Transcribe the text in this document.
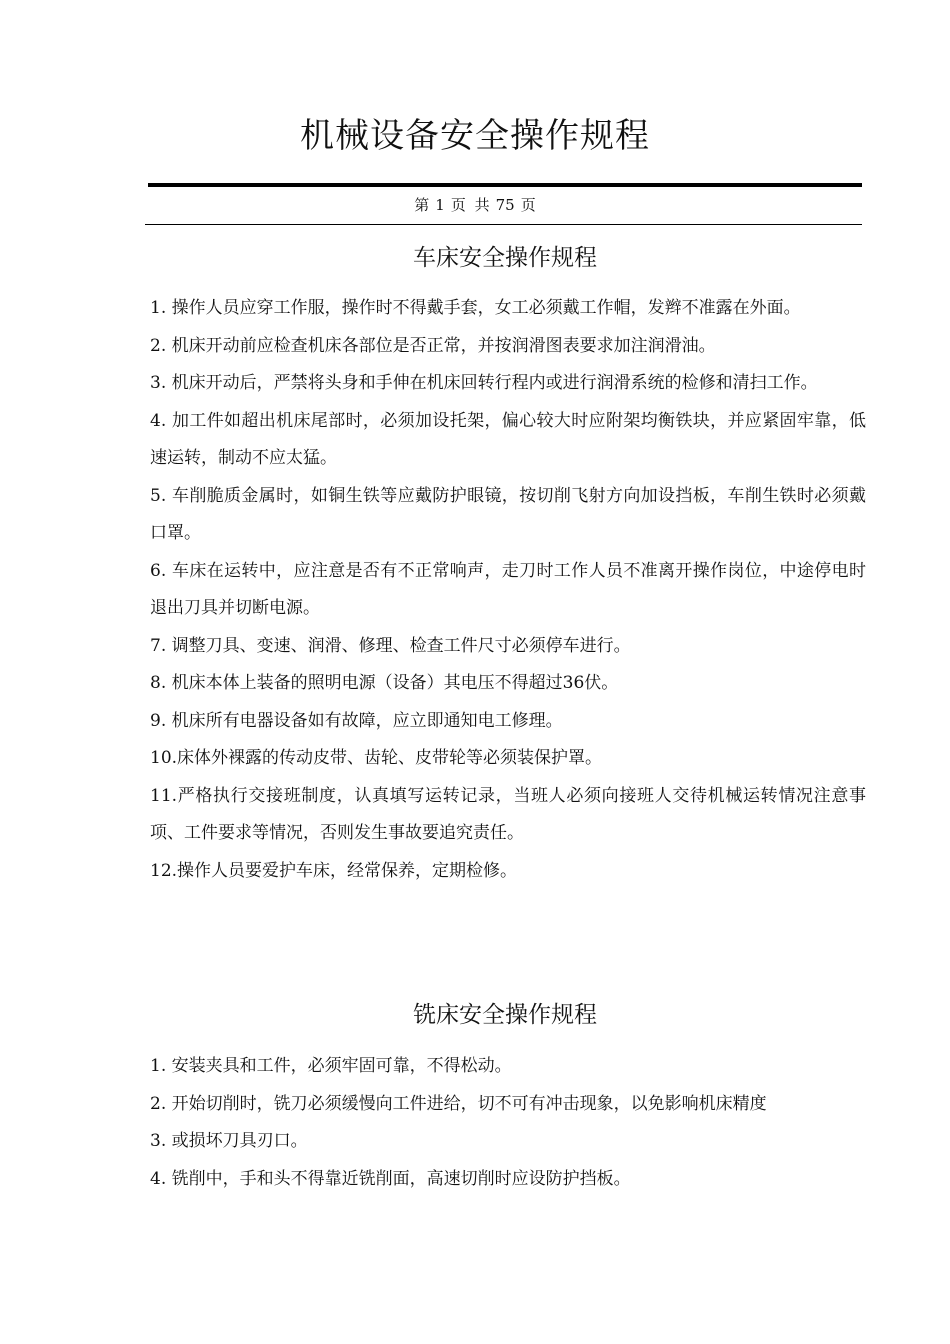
机械设备安全操作规程
第 1 页 共 75 页
车床安全操作规程
1. 操作人员应穿工作服，操作时不得戴手套，女工必须戴工作帽，发辫不准露在外面。
2. 机床开动前应检查机床各部位是否正常，并按润滑图表要求加注润滑油。
3. 机床开动后，严禁将头身和手伸在机床回转行程内或进行润滑系统的检修和清扫工作。
4. 加工件如超出机床尾部时，必须加设托架，偏心较大时应附架均衡铁块，并应紧固牢靠，低速运转，制动不应太猛。
5. 车削脆质金属时，如铜生铁等应戴防护眼镜，按切削飞射方向加设挡板，车削生铁时必须戴口罩。
6. 车床在运转中，应注意是否有不正常响声，走刀时工作人员不准离开操作岗位，中途停电时退出刀具并切断电源。
7. 调整刀具、变速、润滑、修理、检查工件尺寸必须停车进行。
8. 机床本体上装备的照明电源（设备）其电压不得超过36伏。
9. 机床所有电器设备如有故障，应立即通知电工修理。
10.床体外裸露的传动皮带、齿轮、皮带轮等必须装保护罩。
11.严格执行交接班制度，认真填写运转记录，当班人必须向接班人交待机械运转情况注意事项、工件要求等情况，否则发生事故要追究责任。
12.操作人员要爱护车床，经常保养，定期检修。
铣床安全操作规程
1. 安装夹具和工件，必须牢固可靠，不得松动。
2. 开始切削时，铣刀必须缓慢向工件进给，切不可有冲击现象，以免影响机床精度
3. 或损坏刀具刃口。
4. 铣削中，手和头不得靠近铣削面，高速切削时应设防护挡板。
